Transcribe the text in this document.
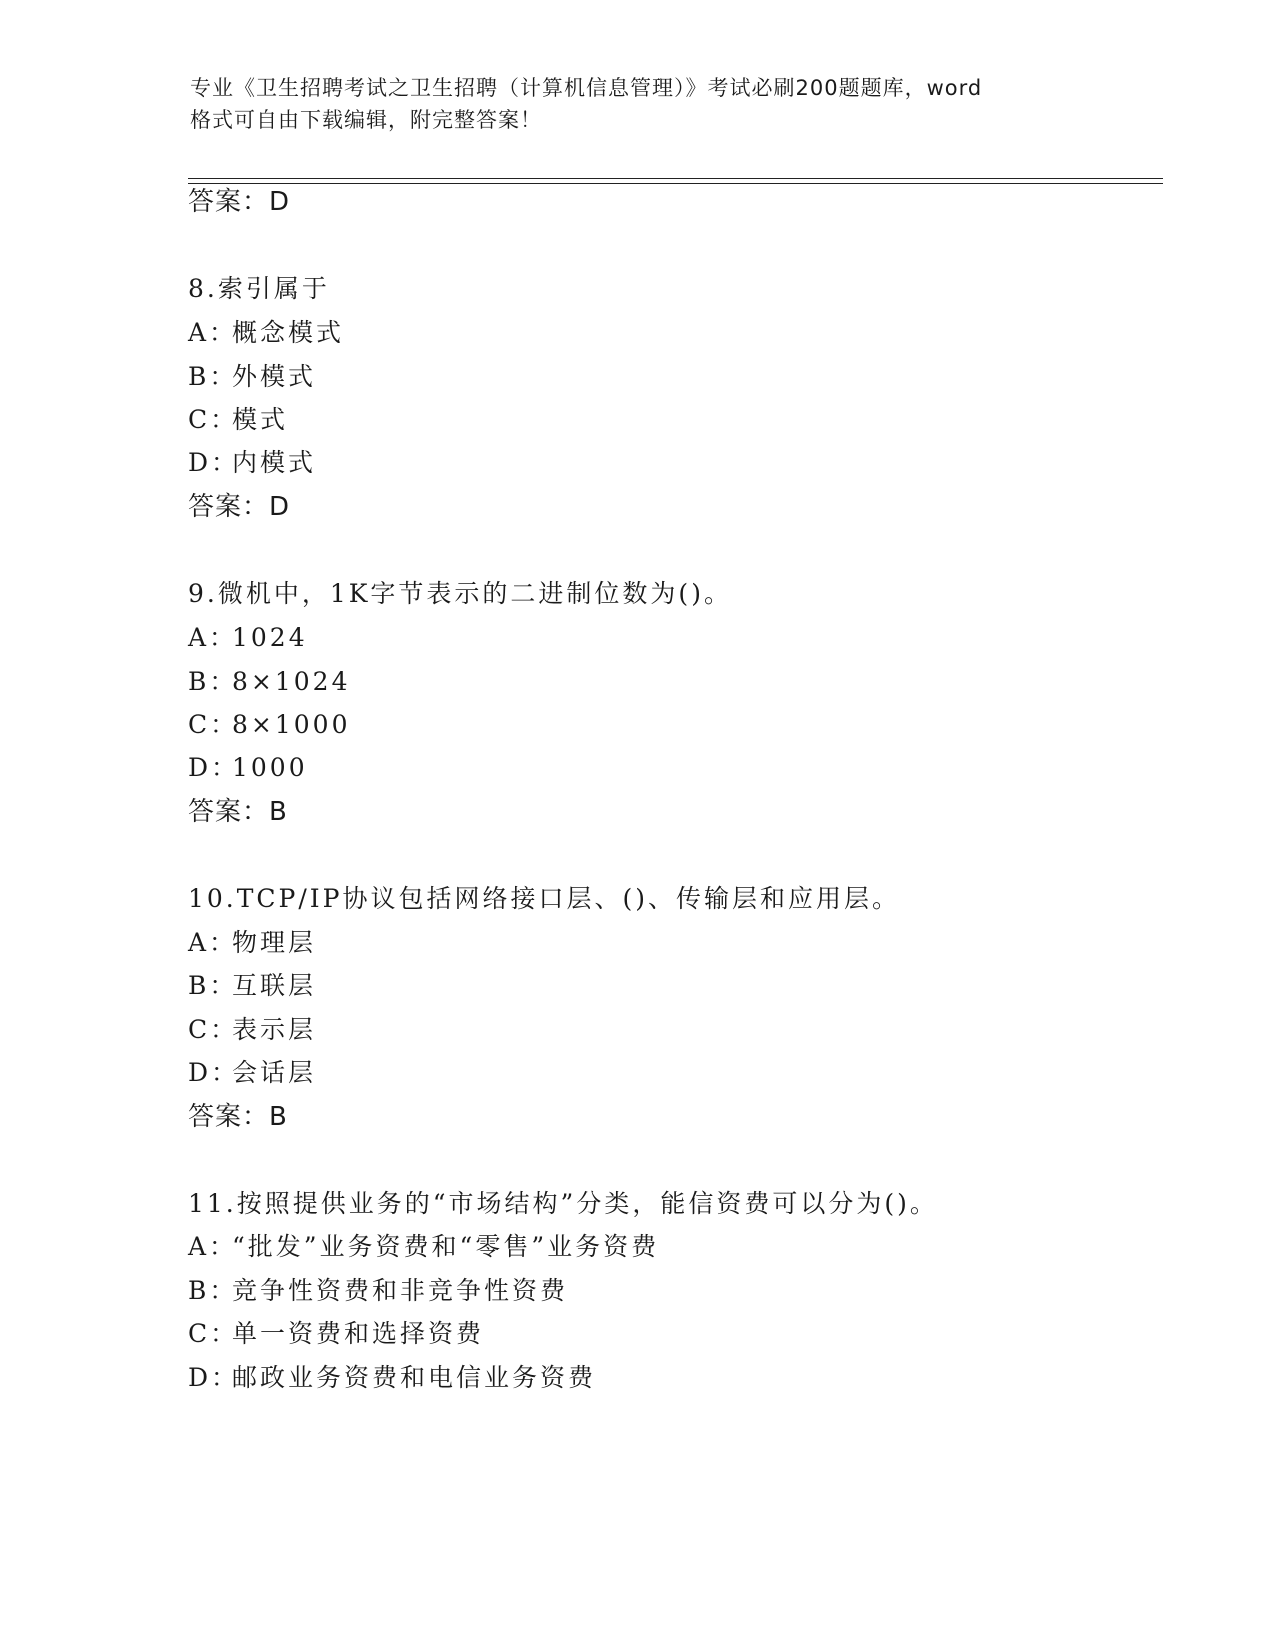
专业《卫生招聘考试之卫生招聘（计算机信息管理）》考试必刷200题题库，word
格式可自由下载编辑，附完整答案！
答案：D
8.索引属于
A：概念模式
B：外模式
C：模式
D：内模式
答案：D
9.微机中，1K字节表示的二进制位数为()。
A：1024
B：8×1024
C：8×1000
D：1000
答案：B
10.TCP/IP协议包括网络接口层、()、传输层和应用层。
A：物理层
B：互联层
C：表示层
D：会话层
答案：B
11.按照提供业务的“市场结构”分类，能信资费可以分为()。
A：“批发”业务资费和“零售”业务资费
B：竞争性资费和非竞争性资费
C：单一资费和选择资费
D：邮政业务资费和电信业务资费
